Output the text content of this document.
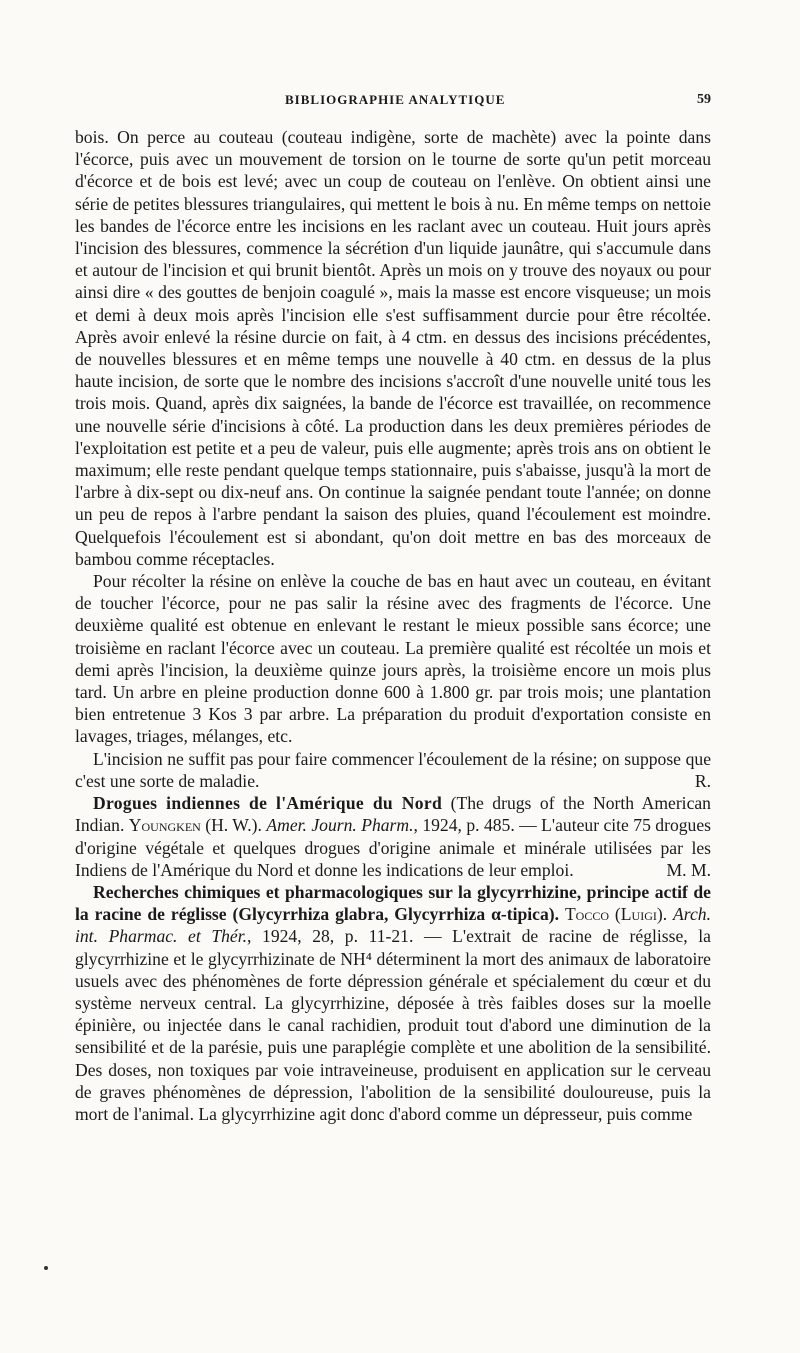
BIBLIOGRAPHIE ANALYTIQUE	59

bois. On perce au couteau (couteau indigène, sorte de machète) avec la pointe dans l'écorce, puis avec un mouvement de torsion on le tourne de sorte qu'un petit morceau d'écorce et de bois est levé; avec un coup de couteau on l'enlève. On obtient ainsi une série de petites blessures triangulaires, qui mettent le bois à nu. En même temps on nettoie les bandes de l'écorce entre les incisions en les raclant avec un couteau. Huit jours après l'incision des blessures, commence la sécrétion d'un liquide jaunâtre, qui s'accumule dans et autour de l'incision et qui brunit bientôt. Après un mois on y trouve des noyaux ou pour ainsi dire « des gouttes de benjoin coagulé », mais la masse est encore visqueuse; un mois et demi à deux mois après l'incision elle s'est suffisamment durcie pour être récoltée. Après avoir enlevé la résine durcie on fait, à 4 ctm. en dessus des incisions précédentes, de nouvelles blessures et en même temps une nouvelle à 40 ctm. en dessus de la plus haute incision, de sorte que le nombre des incisions s'accroît d'une nouvelle unité tous les trois mois. Quand, après dix saignées, la bande de l'écorce est travaillée, on recommence une nouvelle série d'incisions à côté. La production dans les deux premières périodes de l'exploitation est petite et a peu de valeur, puis elle augmente; après trois ans on obtient le maximum; elle reste pendant quelque temps stationnaire, puis s'abaisse, jusqu'à la mort de l'arbre à dix-sept ou dix-neuf ans. On continue la saignée pendant toute l'année; on donne un peu de repos à l'arbre pendant la saison des pluies, quand l'écoulement est moindre. Quelquefois l'écoulement est si abondant, qu'on doit mettre en bas des morceaux de bambou comme réceptacles.

Pour récolter la résine on enlève la couche de bas en haut avec un couteau, en évitant de toucher l'écorce, pour ne pas salir la résine avec des fragments de l'écorce. Une deuxième qualité est obtenue en enlevant le restant le mieux possible sans écorce; une troisième en raclant l'écorce avec un couteau. La première qualité est récoltée un mois et demi après l'incision, la deuxième quinze jours après, la troisième encore un mois plus tard. Un arbre en pleine production donne 600 à 1.800 gr. par trois mois; une plantation bien entretenue 3 Kos 3 par arbre. La préparation du produit d'exportation consiste en lavages, triages, mélanges, etc.

L'incision ne suffit pas pour faire commencer l'écoulement de la résine; on suppose que c'est une sorte de maladie.	R.

Drogues indiennes de l'Amérique du Nord (The drugs of the North American Indian. Youngken (H. W.). Amer. Journ. Pharm., 1924, p. 485. — L'auteur cite 75 drogues d'origine végétale et quelques drogues d'origine animale et minérale utilisées par les Indiens de l'Amérique du Nord et donne les indications de leur emploi.	M. M.

Recherches chimiques et pharmacologiques sur la glycyrrhizine, principe actif de la racine de réglisse (Glycyrrhiza glabra, Glycyrrhiza α-tipica). Tocco (Luigi). Arch. int. Pharmac. et Thér., 1924, 28, p. 11-21. — L'extrait de racine de réglisse, la glycyrrhizine et le glycyrrhizinate de NH⁴ déterminent la mort des animaux de laboratoire usuels avec des phénomènes de forte dépression générale et spécialement du cœur et du système nerveux central. La glycyrrhizine, déposée à très faibles doses sur la moelle épinière, ou injectée dans le canal rachidien, produit tout d'abord une diminution de la sensibilité et de la parésie, puis une paraplégie complète et une abolition de la sensibilité. Des doses, non toxiques par voie intraveineuse, produisent en application sur le cerveau de graves phénomènes de dépression, l'abolition de la sensibilité douloureuse, puis la mort de l'animal. La glycyrrhizine agit donc d'abord comme un dépresseur, puis comme
